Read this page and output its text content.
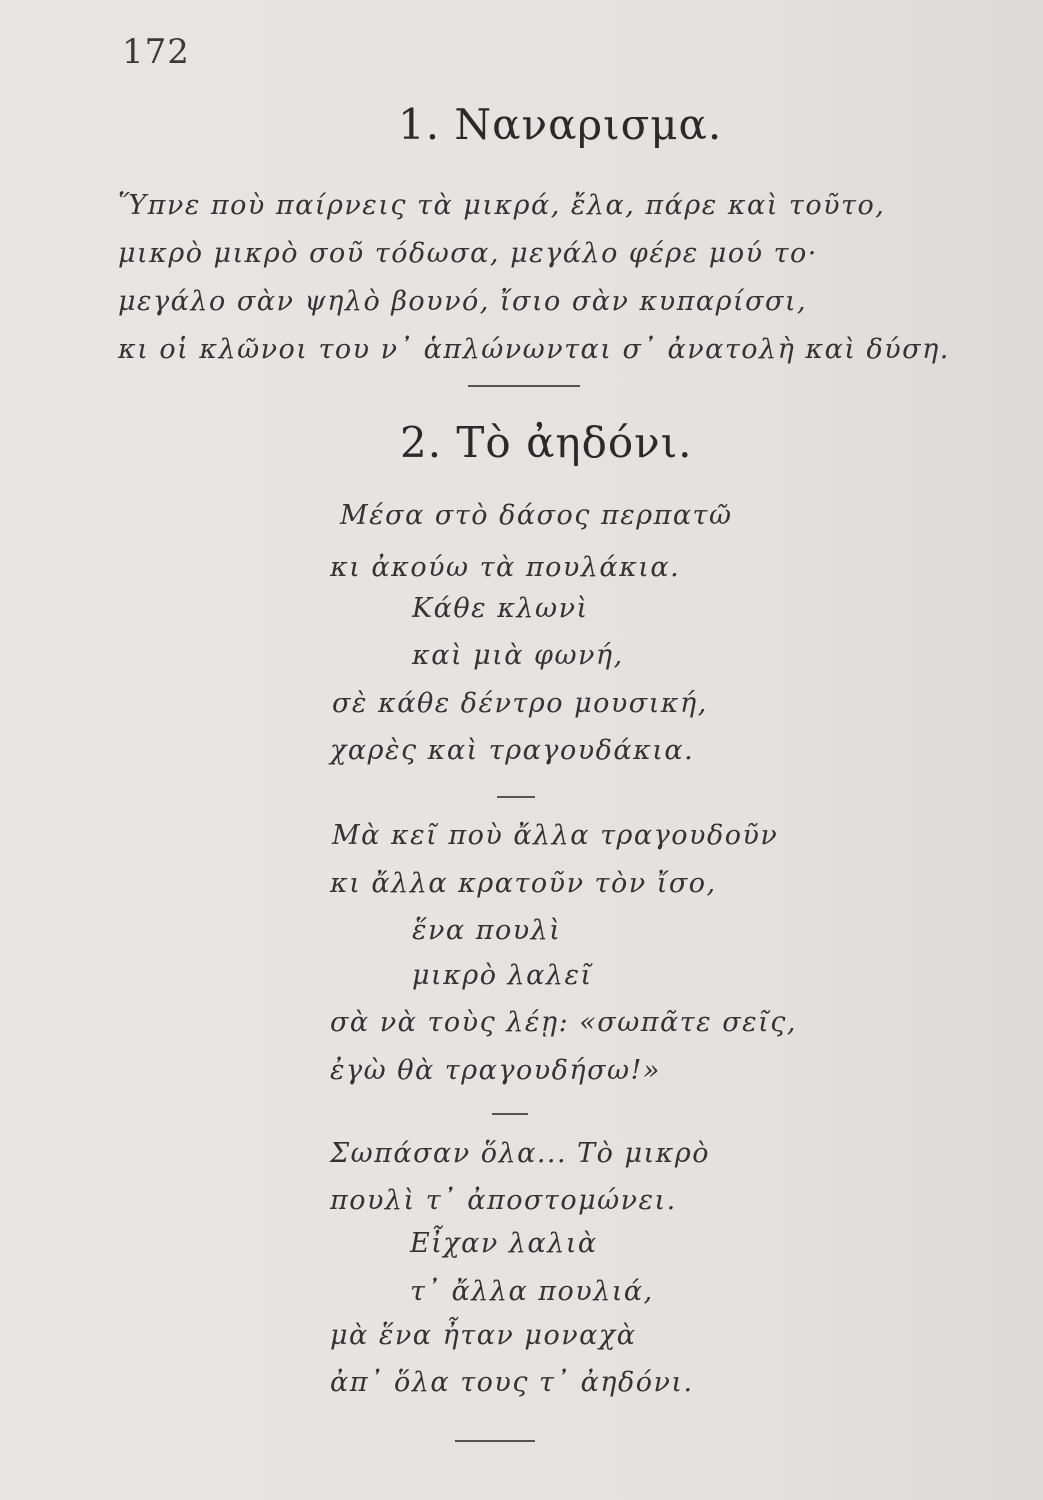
172
1. Ναναρισμα.
Ὕπνε ποὺ παίρνεις τὰ μικρά, ἔλα, πάρε καὶ τοῦτο,
μικρὸ μικρὸ σοῦ τόδωσα, μεγάλο φέρε μού το·
μεγάλο σὰν ψηλὸ βουνό, ἴσιο σὰν κυπαρίσσι,
κι οἱ κλῶνοι του ν᾽ ἁπλώνωνται σ᾽ ἀνατολὴ καὶ δύση.
2. Τὸ ἀηδόνι.
Μέσα στὸ δάσος περπατῶ
κι ἀκούω τὰ πουλάκια.
Κάθε κλωνὶ
καὶ μιὰ φωνή,
σὲ κάθε δέντρο μουσική,
χαρὲς καὶ τραγουδάκια.
Μὰ κεῖ ποὺ ἄλλα τραγουδοῦν
κι ἄλλα κρατοῦν τὸν ἴσο,
ἕνα πουλὶ
μικρὸ λαλεῖ
σὰ νὰ τοὺς λέῃ: «σωπᾶτε σεῖς,
ἐγὼ θὰ τραγουδήσω!»
Σωπάσαν ὅλα... Τὸ μικρὸ
πουλὶ τ᾽ ἀποστομώνει.
Εἶχαν λαλιὰ
τ᾽ ἄλλα πουλιά,
μὰ ἕνα ἦταν μοναχὰ
ἀπ᾽ ὅλα τους τ᾽ ἀηδόνι.
